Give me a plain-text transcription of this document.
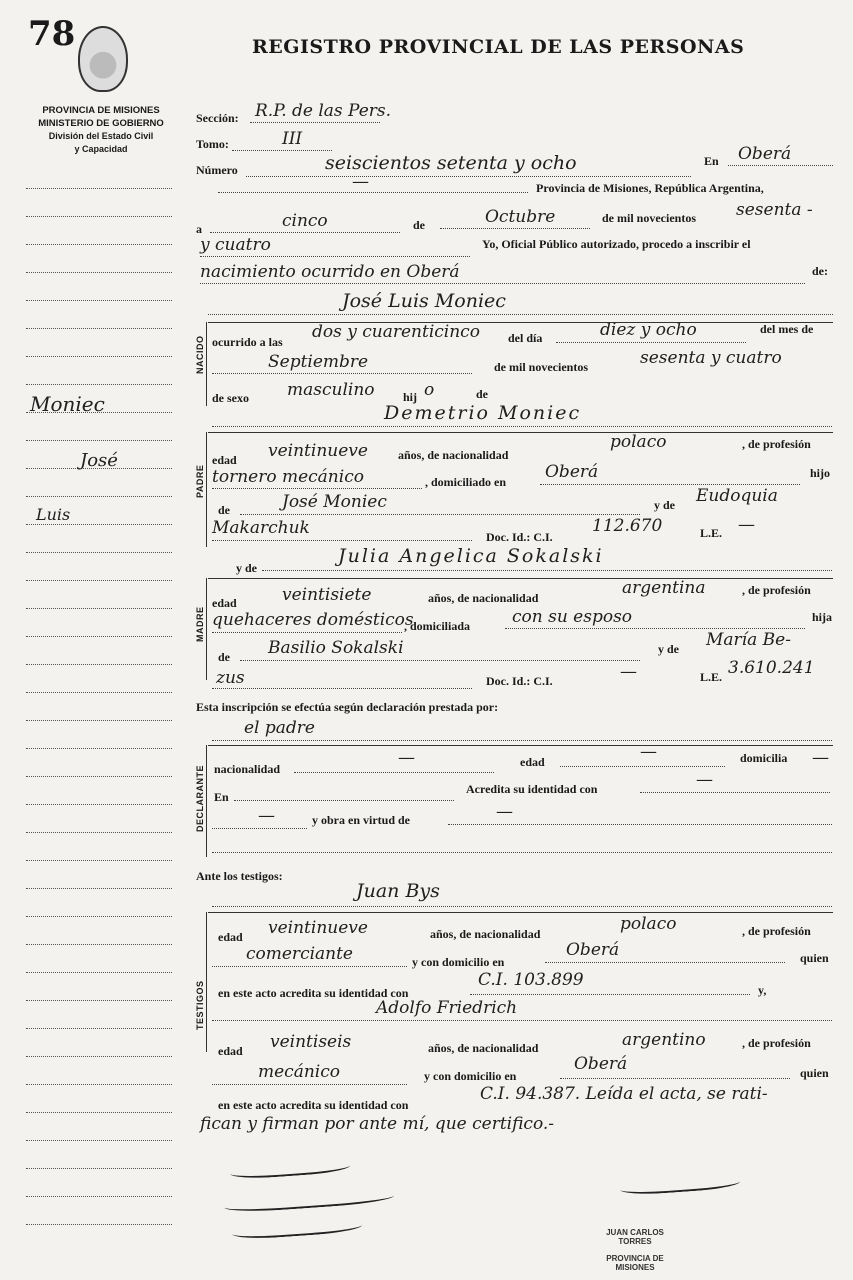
78	REGISTRO PROVINCIAL DE LAS PERSONAS
PROVINCIA DE MISIONES
MINISTERIO DE GOBIERNO
División del Estado Civil
y Capacidad
Moniec
José
Luis
NACIDO
PADRE
MADRE
DECLARANTE
TESTIGOS
Sección: R.P. de las Pers.
Tomo:	III
Número	seiscientos setenta y ocho	En Oberá
—	Provincia de Misiones, República Argentina,
a	cinco	de	Octubre	de mil novecientos sesenta -
y cuatro	Yo, Oficial Público autorizado, procedo a inscribir el
nacimiento ocurrido en Oberá	de:
José Luis Moniec
ocurrido a las dos y cuarenticinco del día	diez y ocho	del mes de
Septiembre	de mil novecientos	sesenta y cuatro
de sexo masculino hij o	de
Demetrio Moniec
edad veintinueve	años, de nacionalidad
polaco	, de profesión
tornero mecánico	, domiciliado en Oberá	hijo
de	José Moniec	y de Eudoquia
Makarchuk	Doc. Id.: C.I.
112.670	L.E. —
y de
Julia Angelica Sokalski
edad	veintisiete	años, de nacionalidad	argentina	, de profesión
quehaceres domésticos
, domiciliada con su esposo	hija
de Basilio Sokalski	y de María Be-
zus	Doc. Id.: C.I.	—	L.E. 3.610.241
Esta inscripción se efectúa según declaración prestada por:
el padre
nacionalidad
—	edad	—	domicilia —
En
Acredita su identidad con	—
—	y obra en virtud de	—
Ante los testigos:
Juan Bys
edad veintinueve	años, de nacionalidad	polaco	, de profesión
comerciante	y con domicilio en
Oberá	quien
en este acto acredita su identidad con
C.I. 103.899	y,
Adolfo Friedrich
edad veintiseis	años, de nacionalidad	argentino	, de profesión
mecánico	y con domicilio en
Oberá	quien
en este acto acredita su identidad con
C.I. 94.387. Leída el acta, se rati-
fican y firman por ante mí, que certifico.-
JUAN CARLOS TORRES
PROVINCIA DE MISIONES
